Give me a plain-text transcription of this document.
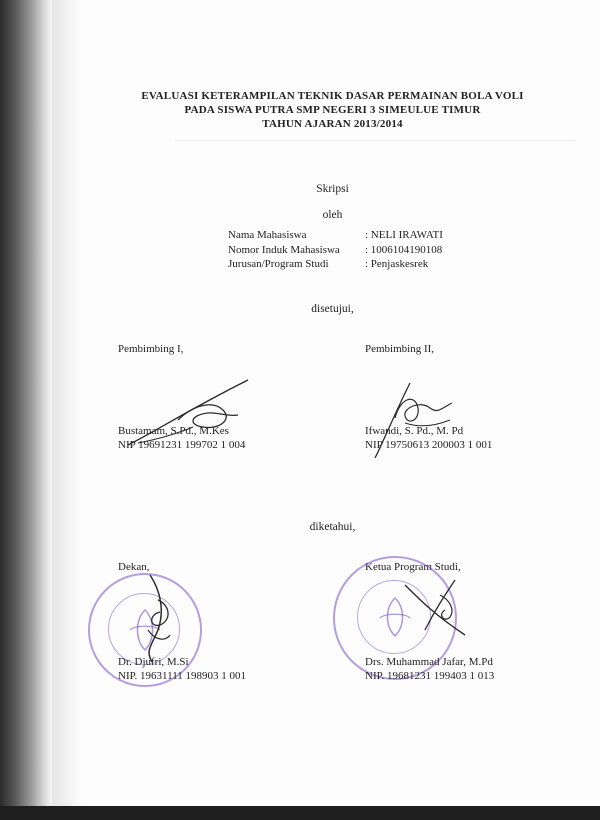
EVALUASI KETERAMPILAN TEKNIK DASAR PERMAINAN BOLA VOLI
PADA SISWA PUTRA SMP NEGERI 3 SIMEULUE TIMUR
TAHUN AJARAN 2013/2014
Skripsi
oleh
Nama Mahasiswa	: NELI IRAWATI
Nomor Induk Mahasiswa	: 1006104190108
Jurusan/Program Studi	: Penjaskesrek
disetujui,
Pembimbing I,	Pembimbing II,
Bustamam, S.Pd., M.Kes
NIP 19691231 199702 1 004
Ifwandi, S. Pd., M. Pd
NIP 19750613 200003 1 001
diketahui,
Dekan,	Ketua Program Studi,
Dr. Djufri, M.Si
NIP. 19631111 198903 1 001
Drs. Muhammad Jafar, M.Pd
NIP. 19681231 199403 1 013
